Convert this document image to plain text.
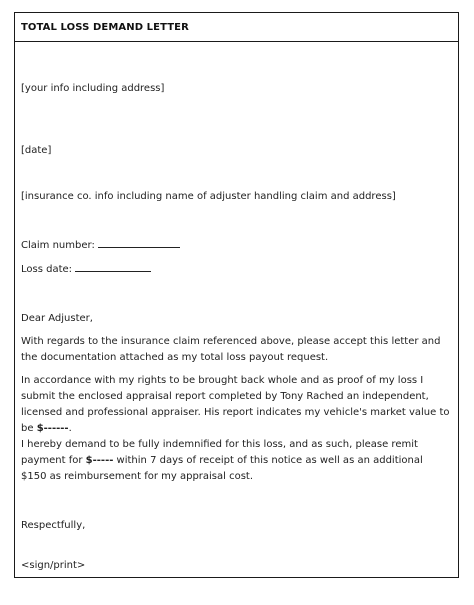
TOTAL LOSS DEMAND LETTER
[your info including address]
[date]
[insurance co. info including name of adjuster handling claim and address]
Claim number:
Loss date:
Dear Adjuster,
With regards to the insurance claim referenced above, please accept this letter and the documentation attached as my total loss payout request.
In accordance with my rights to be brought back whole and as proof of my loss I submit the enclosed appraisal report completed by Tony Rached an independent, licensed and professional appraiser. His report indicates my vehicle's market value to be $------.
I hereby demand to be fully indemnified for this loss, and as such, please remit payment for $----- within 7 days of receipt of this notice as well as an additional $150 as reimbursement for my appraisal cost.
Respectfully,
<sign/print>
